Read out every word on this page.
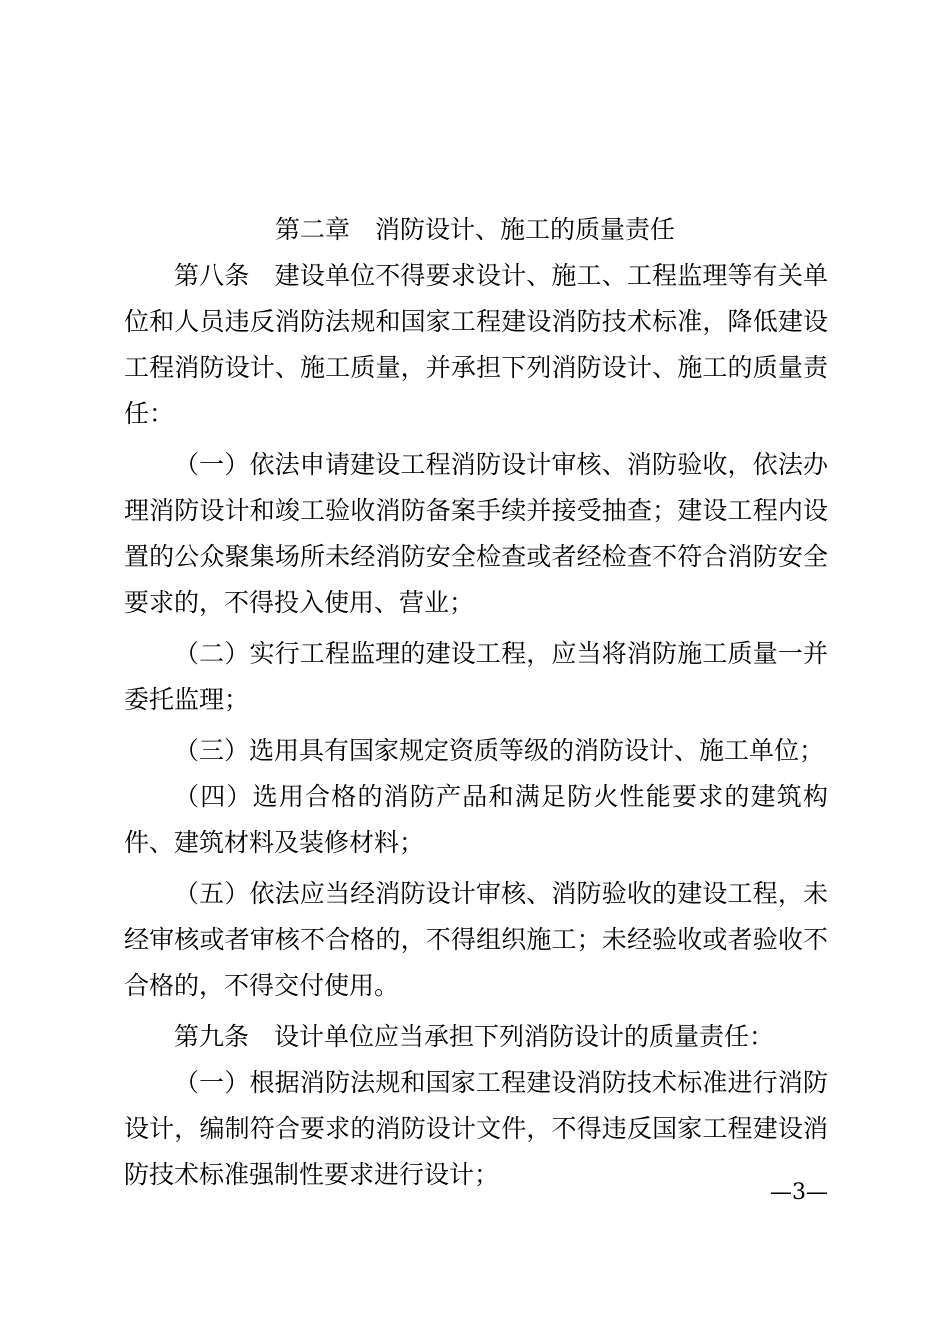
第二章　消防设计、施工的质量责任

第八条　建设单位不得要求设计、施工、工程监理等有关单位和人员违反消防法规和国家工程建设消防技术标准，降低建设工程消防设计、施工质量，并承担下列消防设计、施工的质量责任：

（一）依法申请建设工程消防设计审核、消防验收，依法办理消防设计和竣工验收消防备案手续并接受抽查；建设工程内设置的公众聚集场所未经消防安全检查或者经检查不符合消防安全要求的，不得投入使用、营业；

（二）实行工程监理的建设工程，应当将消防施工质量一并委托监理；

（三）选用具有国家规定资质等级的消防设计、施工单位；

（四）选用合格的消防产品和满足防火性能要求的建筑构件、建筑材料及装修材料；

（五）依法应当经消防设计审核、消防验收的建设工程，未经审核或者审核不合格的，不得组织施工；未经验收或者验收不合格的，不得交付使用。

第九条　设计单位应当承担下列消防设计的质量责任：

（一）根据消防法规和国家工程建设消防技术标准进行消防设计，编制符合要求的消防设计文件，不得违反国家工程建设消防技术标准强制性要求进行设计；

—3—
